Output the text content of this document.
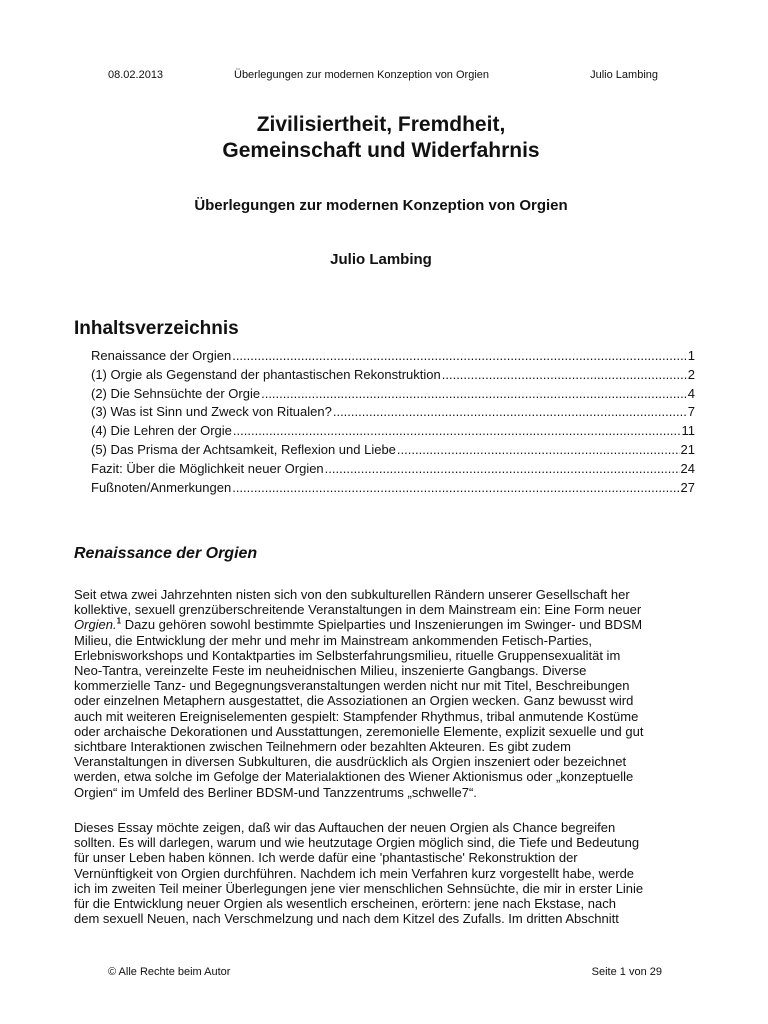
08.02.2013	Überlegungen zur modernen Konzeption von Orgien	Julio Lambing
Zivilisiertheit, Fremdheit,
Gemeinschaft und Widerfahrnis
Überlegungen zur modernen Konzeption von Orgien
Julio Lambing
Inhaltsverzeichnis
Renaissance der Orgien .....	1
(1) Orgie als Gegenstand der phantastischen Rekonstruktion .....	2
(2) Die Sehnsüchte der Orgie .....	4
(3) Was ist Sinn und Zweck von Ritualen? .....	7
(4) Die Lehren der Orgie .....	11
(5) Das Prisma der Achtsamkeit, Reflexion und Liebe .....	21
Fazit: Über die Möglichkeit neuer Orgien .....	24
Fußnoten/Anmerkungen .....	27
Renaissance der Orgien

Seit etwa zwei Jahrzehnten nisten sich von den subkulturellen Rändern unserer Gesellschaft her
kollektive, sexuell grenzüberschreitende Veranstaltungen in dem Mainstream ein: Eine Form neuer
Orgien.$^1$ Dazu gehören sowohl bestimmte Spielparties und Inszenierungen im Swinger- und BDSM
Milieu, die Entwicklung der mehr und mehr im Mainstream ankommenden Fetisch-Parties,
Erlebnisworkshops und Kontaktparties im Selbsterfahrungsmilieu, rituelle Gruppensexualität im
Neo-Tantra, vereinzelte Feste im neuheidnischen Milieu, inszenierte Gangbangs. Diverse
kommerzielle Tanz- und Begegnungsveranstaltungen werden nicht nur mit Titel, Beschreibungen
oder einzelnen Metaphern ausgestattet, die Assoziationen an Orgien wecken. Ganz bewusst wird
auch mit weiteren Ereigniselementen gespielt: Stampfender Rhythmus, tribal anmutende Kostüme
oder archaische Dekorationen und Ausstattungen, zeremonielle Elemente, explizit sexuelle und gut
sichtbare Interaktionen zwischen Teilnehmern oder bezahlten Akteuren. Es gibt zudem
Veranstaltungen in diversen Subkulturen, die ausdrücklich als Orgien inszeniert oder bezeichnet
werden, etwa solche im Gefolge der Materialaktionen des Wiener Aktionismus oder „konzeptuelle
Orgien“ im Umfeld des Berliner BDSM-und Tanzzentrums „schwelle7“.

Dieses Essay möchte zeigen, daß wir das Auftauchen der neuen Orgien als Chance begreifen
sollten. Es will darlegen, warum und wie heutzutage Orgien möglich sind, die Tiefe und Bedeutung
für unser Leben haben können. Ich werde dafür eine 'phantastische' Rekonstruktion der
Vernünftigkeit von Orgien durchführen. Nachdem ich mein Verfahren kurz vorgestellt habe, werde
ich im zweiten Teil meiner Überlegungen jene vier menschlichen Sehnsüchte, die mir in erster Linie
für die Entwicklung neuer Orgien als wesentlich erscheinen, erörtern: jene nach Ekstase, nach
dem sexuell Neuen, nach Verschmelzung und nach dem Kitzel des Zufalls. Im dritten Abschnitt

© Alle Rechte beim Autor	Seite 1 von 29
